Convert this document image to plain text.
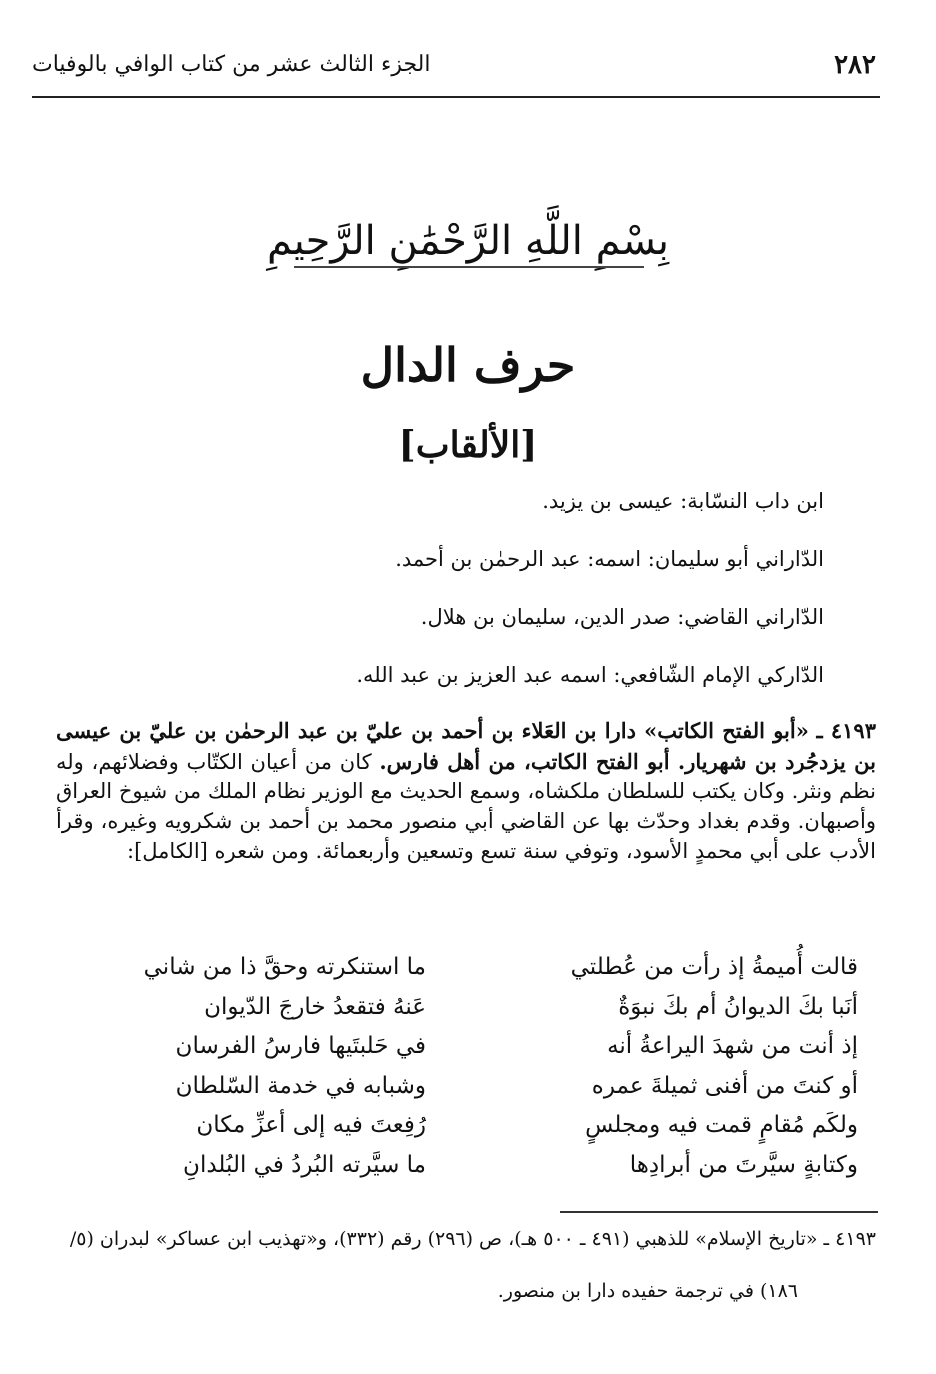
٢٨٢
الجزء الثالث عشر من كتاب الوافي بالوفيات
بِسْمِ اللَّهِ الرَّحْمَٰنِ الرَّحِيمِ
حرف الدال
[الألقاب]
ابن داب النسّابة: عيسى بن يزيد.
الدّاراني أبو سليمان: اسمه: عبد الرحمٰن بن أحمد.
الدّاراني القاضي: صدر الدين، سليمان بن هلال.
الدّاركي الإمام الشّافعي: اسمه عبد العزيز بن عبد الله.
٤١٩٣ ـ «أبو الفتح الكاتب» دارا بن العَلاء بن أحمد بن عليّ بن عبد الرحمٰن بن عليّ بن عيسى بن يزدجُرد بن شهريار. أبو الفتح الكاتب، من أهل فارس. كان من أعيان الكتّاب وفضلائهم، وله نظم ونثر. وكان يكتب للسلطان ملكشاه، وسمع الحديث مع الوزير نظام الملك من شيوخ العراق وأصبهان. وقدم بغداد وحدّث بها عن القاضي أبي منصور محمد بن أحمد بن شكرويه وغيره، وقرأ الأدب على أبي محمدٍ الأسود، وتوفي سنة تسع وتسعين وأربعمائة. ومن شعره [الكامل]:
قالت أُميمةُ إذ رأت من عُطلتي
ما استنكرته وحقَّ ذا من شاني
أنَبا بكَ الديوانُ أم بكَ نبوَةٌ
عَنهُ فتقعدُ خارجَ الدّيوان
إذ أنت من شهدَ اليراعةُ أنه
في حَلبتَيها فارسُ الفرسان
أو كنتَ من أفنى ثميلةَ عمره
وشبابه في خدمة السّلطان
ولكَم مُقامٍ قمت فيه ومجلسٍ
رُفِعتَ فيه إلى أعزِّ مكان
وكتابةٍ سيَّرتَ من أبرادِها
ما سيَّرته البُردُ في البُلدانِ
٤١٩٣ ـ «تاريخ الإسلام» للذهبي (٤٩١ ـ ٥٠٠ هـ)، ص (٢٩٦) رقم (٣٣٢)، و«تهذيب ابن عساكر» لبدران (٥/
١٨٦) في ترجمة حفيده دارا بن منصور.
